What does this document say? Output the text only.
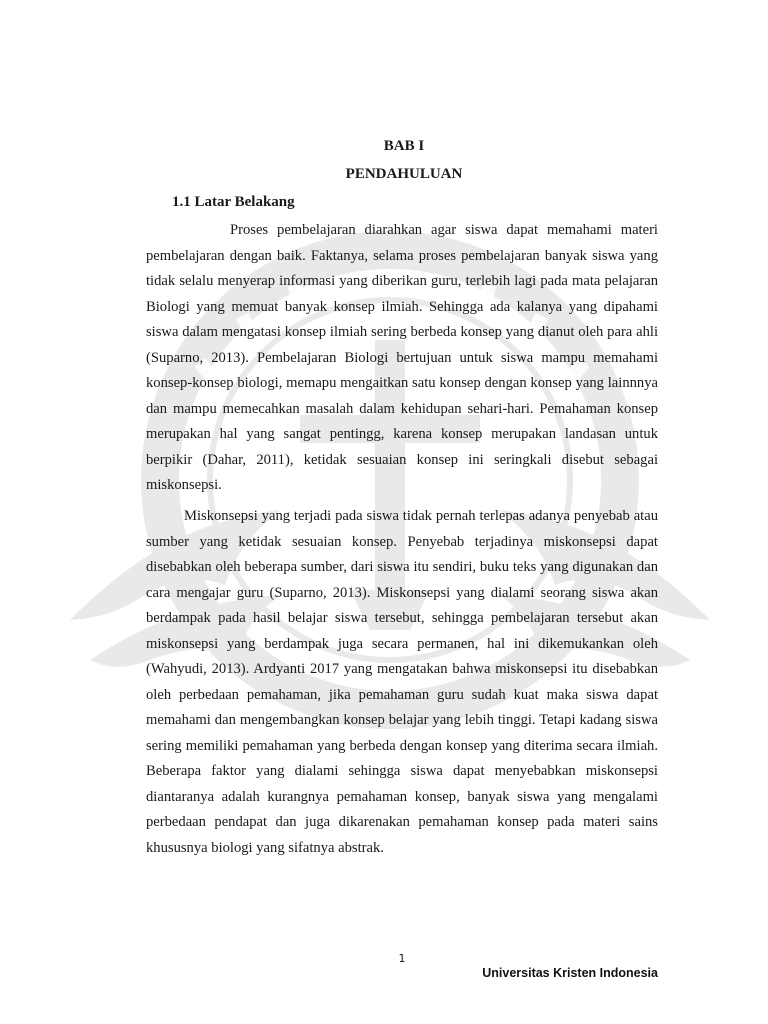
BAB I
PENDAHULUAN
1.1 Latar Belakang

Proses pembelajaran diarahkan agar siswa dapat memahami materi pembelajaran dengan baik. Faktanya, selama proses pembelajaran banyak siswa yang tidak selalu menyerap informasi yang diberikan guru, terlebih lagi pada mata pelajaran Biologi yang memuat banyak konsep ilmiah. Sehingga ada kalanya yang dipahami siswa dalam mengatasi konsep ilmiah sering berbeda konsep yang dianut oleh para ahli (Suparno, 2013). Pembelajaran Biologi bertujuan untuk siswa mampu memahami konsep-konsep biologi, memapu mengaitkan satu konsep dengan konsep yang lainnnya dan mampu memecahkan masalah dalam kehidupan sehari-hari. Pemahaman konsep merupakan hal yang sangat pentingg, karena konsep merupakan landasan untuk berpikir (Dahar, 2011), ketidak sesuaian konsep ini seringkali disebut sebagai miskonsepsi.

Miskonsepsi yang terjadi pada siswa tidak pernah terlepas adanya penyebab atau sumber yang ketidak sesuaian konsep. Penyebab terjadinya miskonsepsi dapat disebabkan oleh beberapa sumber, dari siswa itu sendiri, buku teks yang digunakan dan cara mengajar guru (Suparno, 2013). Miskonsepsi yang dialami seorang siswa akan berdampak pada hasil belajar siswa tersebut, sehingga pembelajaran tersebut akan miskonsepsi yang berdampak juga secara permanen, hal ini dikemukankan oleh (Wahyudi, 2013). Ardyanti 2017 yang mengatakan bahwa miskonsepsi itu disebabkan oleh perbedaan pemahaman, jika pemahaman guru sudah kuat maka siswa dapat memahami dan mengembangkan konsep belajar yang lebih tinggi. Tetapi kadang siswa sering memiliki pemahaman yang berbeda dengan konsep yang diterima secara ilmiah. Beberapa faktor yang dialami sehingga siswa dapat menyebabkan miskonsepsi diantaranya adalah kurangnya pemahaman konsep, banyak siswa yang mengalami perbedaan pendapat dan juga dikarenakan pemahaman konsep pada materi sains khususnya biologi yang sifatnya abstrak.

1
Universitas Kristen Indonesia
